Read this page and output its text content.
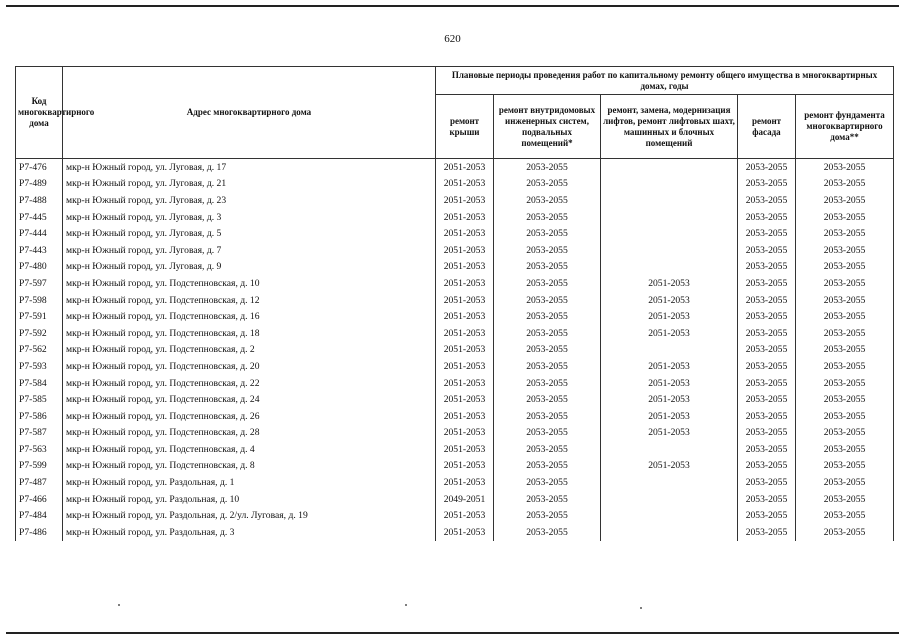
620
Код многоквартирного дома	Адрес многоквартирного дома	Плановые периоды проведения работ по капитальному ремонту общего имущества в многоквартирных домах, годы				
		ремонт крыши	ремонт внутридомовых инженерных систем, подвальных помещений*	ремонт, замена, модернизация лифтов, ремонт лифтовых шахт, машинных и блочных помещений	ремонт фасада	ремонт фундамента многоквартирного дома**
Р7-476	мкр-н Южный город, ул. Луговая, д. 17	2051-2053	2053-2055		2053-2055	2053-2055
Р7-489	мкр-н Южный город, ул. Луговая, д. 21	2051-2053	2053-2055		2053-2055	2053-2055
Р7-488	мкр-н Южный город, ул. Луговая, д. 23	2051-2053	2053-2055		2053-2055	2053-2055
Р7-445	мкр-н Южный город, ул. Луговая, д. 3	2051-2053	2053-2055		2053-2055	2053-2055
Р7-444	мкр-н Южный город, ул. Луговая, д. 5	2051-2053	2053-2055		2053-2055	2053-2055
Р7-443	мкр-н Южный город, ул. Луговая, д. 7	2051-2053	2053-2055		2053-2055	2053-2055
Р7-480	мкр-н Южный город, ул. Луговая, д. 9	2051-2053	2053-2055		2053-2055	2053-2055
Р7-597	мкр-н Южный город, ул. Подстепновская, д. 10	2051-2053	2053-2055	2051-2053	2053-2055	2053-2055
Р7-598	мкр-н Южный город, ул. Подстепновская, д. 12	2051-2053	2053-2055	2051-2053	2053-2055	2053-2055
Р7-591	мкр-н Южный город, ул. Подстепновская, д. 16	2051-2053	2053-2055	2051-2053	2053-2055	2053-2055
Р7-592	мкр-н Южный город, ул. Подстепновская, д. 18	2051-2053	2053-2055	2051-2053	2053-2055	2053-2055
Р7-562	мкр-н Южный город, ул. Подстепновская, д. 2	2051-2053	2053-2055		2053-2055	2053-2055
Р7-593	мкр-н Южный город, ул. Подстепновская, д. 20	2051-2053	2053-2055	2051-2053	2053-2055	2053-2055
Р7-584	мкр-н Южный город, ул. Подстепновская, д. 22	2051-2053	2053-2055	2051-2053	2053-2055	2053-2055
Р7-585	мкр-н Южный город, ул. Подстепновская, д. 24	2051-2053	2053-2055	2051-2053	2053-2055	2053-2055
Р7-586	мкр-н Южный город, ул. Подстепновская, д. 26	2051-2053	2053-2055	2051-2053	2053-2055	2053-2055
Р7-587	мкр-н Южный город, ул. Подстепновская, д. 28	2051-2053	2053-2055	2051-2053	2053-2055	2053-2055
Р7-563	мкр-н Южный город, ул. Подстепновская, д. 4	2051-2053	2053-2055		2053-2055	2053-2055
Р7-599	мкр-н Южный город, ул. Подстепновская, д. 8	2051-2053	2053-2055	2051-2053	2053-2055	2053-2055
Р7-487	мкр-н Южный город, ул. Раздольная, д. 1	2051-2053	2053-2055		2053-2055	2053-2055
Р7-466	мкр-н Южный город, ул. Раздольная, д. 10	2049-2051	2053-2055		2053-2055	2053-2055
Р7-484	мкр-н Южный город, ул. Раздольная, д. 2/ул. Луговая, д. 19	2051-2053	2053-2055		2053-2055	2053-2055
Р7-486	мкр-н Южный город, ул. Раздольная, д. 3	2051-2053	2053-2055		2053-2055	2053-2055
